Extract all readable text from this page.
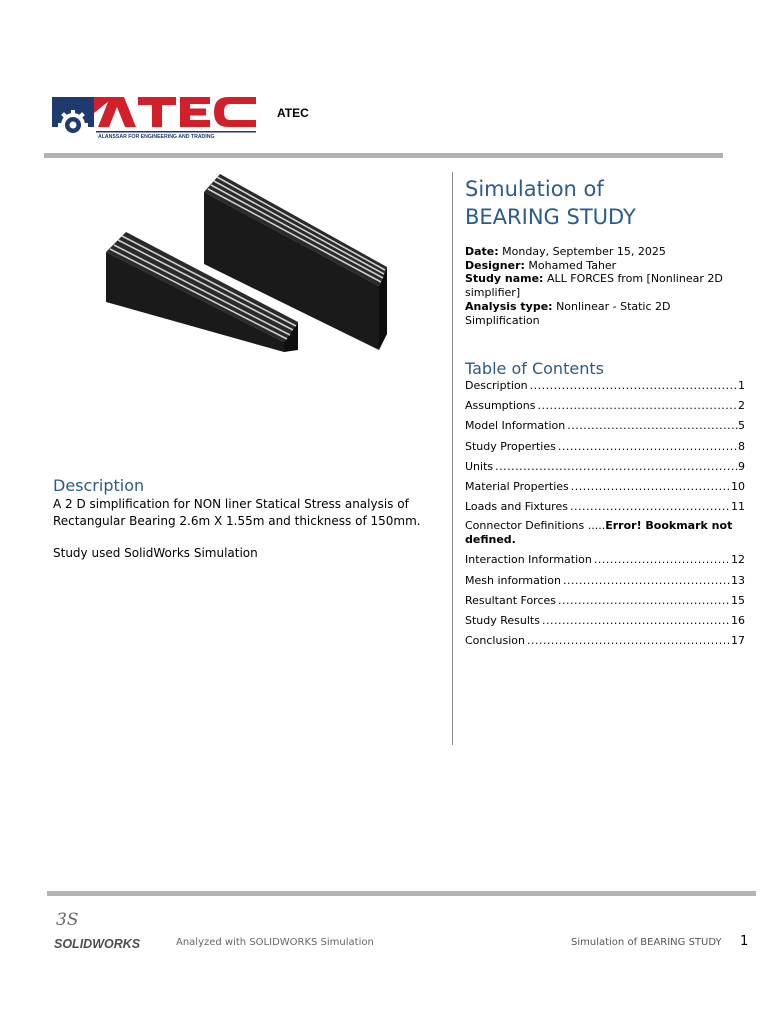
ALANSSAR FOR ENGINEERING AND TRADING
ATEC
Description

A 2 D simplification for NON liner Statical Stress analysis of Rectangular Bearing 2.6m X 1.55m and thickness of 150mm.

Study used SolidWorks Simulation

Simulation of
BEARING STUDY
Date: Monday, September 15, 2025
Designer: Mohamed Taher
Study name: ALL FORCES from [Nonlinear 2D simplifier]
Analysis type: Nonlinear - Static 2D Simplification
Table of Contents
Description .....	1
Assumptions .....	2
Model Information .....	5
Study Properties .....	8
Units .....	9
Material Properties .....	10
Loads and Fixtures .....	11
Connector Definitions .....Error! Bookmark not defined.
Interaction Information .....	12
Mesh information .....	13
Resultant Forces .....	15
Study Results .....	16
Conclusion .....	17
3S
SOLIDWORKS	Analyzed with SOLIDWORKS Simulation	Simulation of BEARING STUDY 1
